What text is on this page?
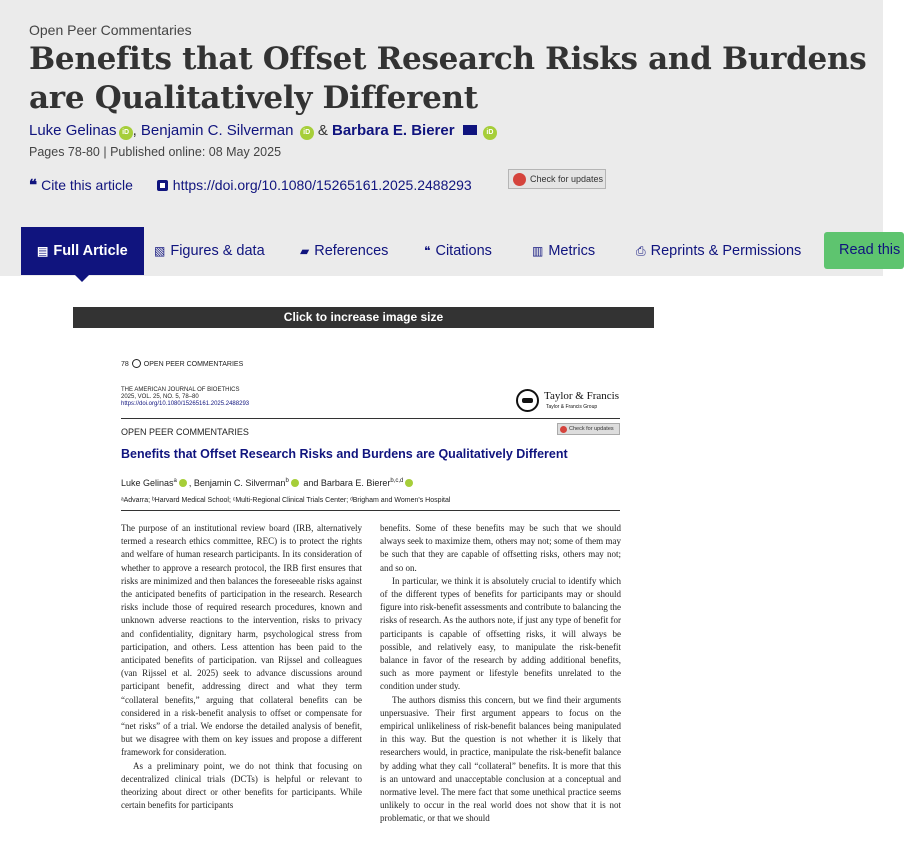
Open Peer Commentaries
Benefits that Offset Research Risks and Burdens are Qualitatively Different
Luke Gelinas iD , Benjamin C. Silverman iD & Barbara E. Bierer	iD
Pages 78-80 | Published online: 08 May 2025
❝ Cite this article	https://doi.org/10.1080/15265161.2025.2488293	Check for updates
▤ Full Article	▧ Figures & data	▰ References	❝ Citations	▥ Metrics	⎙ Reprints & Permissions	Read this
Click to increase image size
78 OPEN PEER COMMENTARIES
THE AMERICAN JOURNAL OF BIOETHICS
2025, VOL. 25, NO. 5, 78–80
https://doi.org/10.1080/15265161.2025.2488293
Taylor & Francis
Taylor & Francis Group
OPEN PEER COMMENTARIES	Check for updates
Benefits that Offset Research Risks and Burdens are Qualitatively Different
Luke Gelinas$^a$ , Benjamin C. Silverman$^b$ and Barbara E. Bierer$^{b,c,d}$
ᵃAdvarra; ᵇHarvard Medical School; ᶜMulti-Regional Clinical Trials Center; ᵈBrigham and Women's Hospital

The purpose of an institutional review board (IRB, alternatively termed a research ethics committee, REC) is to protect the rights and welfare of human research participants. In its consideration of whether to approve a research protocol, the IRB first ensures that risks are minimized and then balances the foreseeable risks against the anticipated benefits of participation in the research. Research risks include those of required research procedures, known and unknown adverse reactions to the intervention, risks to privacy and confidentiality, dignitary harm, psychological stress from participation, and others. Less attention has been paid to the anticipated benefits of participation. van Rijssel and colleagues (van Rijssel et al. 2025) seek to advance discussions around participant benefit, addressing direct and what they term “collateral benefits,” arguing that collateral benefits can be considered in a risk-benefit analysis to offset or compensate for “net risks” of a trial. We endorse the detailed analysis of benefit, but we disagree with them on key issues and propose a different framework for consideration.

As a preliminary point, we do not think that focusing on decentralized clinical trials (DCTs) is helpful or relevant to theorizing about direct or other benefits for participants. While certain benefits for participants

benefits. Some of these benefits may be such that we should always seek to maximize them, others may not; some of them may be such that they are capable of offsetting risks, others may not; and so on.

In particular, we think it is absolutely crucial to identify which of the different types of benefits for participants may or should figure into risk-benefit assessments and contribute to balancing the risks of research. As the authors note, if just any type of benefit for participants is capable of offsetting risks, it will always be possible, and relatively easy, to manipulate the risk-benefit balance in favor of the research by adding additional benefits, such as more payment or lifestyle benefits unrelated to the condition under study.

The authors dismiss this concern, but we find their arguments unpersuasive. Their first argument appears to focus on the empirical unlikeliness of risk-benefit balances being manipulated in this way. But the question is not whether it is likely that researchers would, in practice, manipulate the risk-benefit balance by adding what they call “collateral” benefits. It is more that this is an untoward and unacceptable conclusion at a conceptual and normative level. The mere fact that some unethical practice seems unlikely to occur in the real world does not show that it is not problematic, or that we should
